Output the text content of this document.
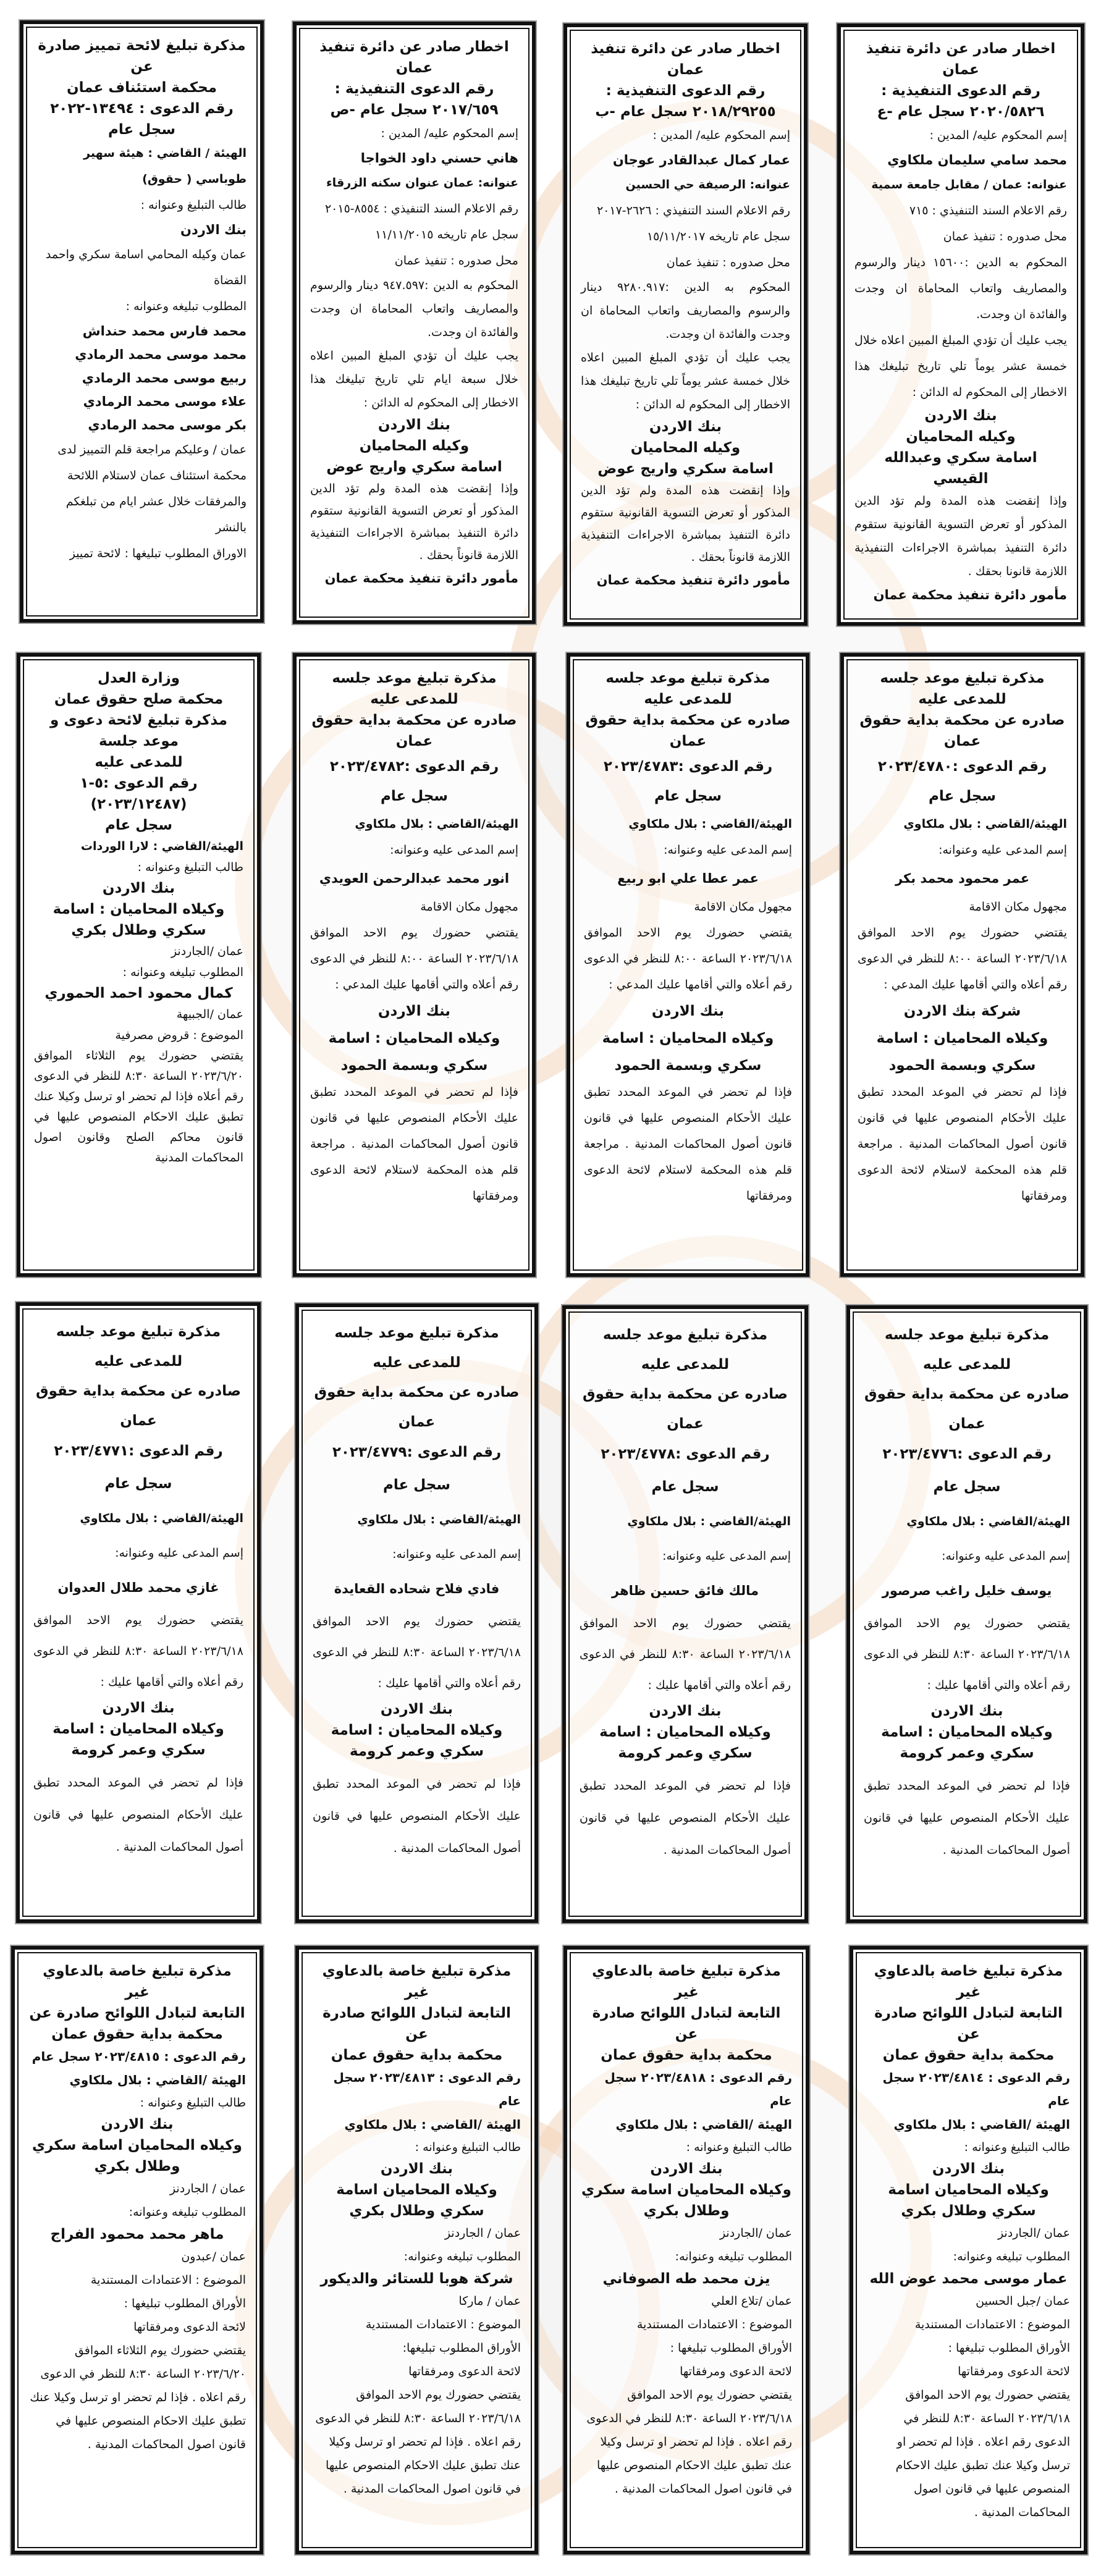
اخطار صادر عن دائرة تنفيذ عمان
رقم الدعوى التنفيذية :
٢٠٢٠/٥٨٢٦ سجل عام -ع
إسم المحكوم عليه/ المدين :
محمد سامي سليمان ملكاوي
عنوانه: عمان / مقابل جامعة سمية
رقم الاعلام السند التنفيذي : ٧١٥
محل صدوره : تنفيذ عمان
المحكوم به الدين :١٥٦٠٠ دينار والرسوم والمصاريف واتعاب المحاماة ان وجدت والفائدة ان وجدت.
يجب عليك أن تؤدي المبلغ المبين اعلاه خلال خمسة عشر يوماً تلي تاريخ تبليغك هذا الاخطار إلى المحكوم له الدائن :
بنك الاردن
وكيله المحاميان
اسامة سكري وعبدالله القيسي
وإذا إنقضت هذه المدة ولم تؤد الدين المذكور أو تعرض التسوية القانونية ستقوم دائرة التنفيذ بمباشرة الاجراءات التنفيذية اللازمة قانونا بحقك .
مأمور دائرة تنفيذ محكمة عمان
اخطار صادر عن دائرة تنفيذ عمان
رقم الدعوى التنفيذية :
٢٠١٨/٢٩٢٥٥ سجل عام -ب
إسم المحكوم عليه/ المدين :
عمار كمال عبدالقادر عوجان
عنوانه: الرصيفة حي الحسين
رقم الاعلام السند التنفيذي : ٢٦٢٦-٢٠١٧
سجل عام تاريخه ١٥/١١/٢٠١٧
محل صدوره : تنفيذ عمان
المحكوم به الدين :٩٢٨٠.٩١٧ دينار والرسوم والمصاريف واتعاب المحاماة ان وجدت والفائدة ان وجدت.
يجب عليك أن تؤدي المبلغ المبين اعلاه خلال خمسة عشر يوماً تلي تاريخ تبليغك هذا الاخطار إلى المحكوم له الدائن :
بنك الاردن
وكيله المحاميان
اسامة سكري واريج عوض
وإذا إنقضت هذه المدة ولم تؤد الدين المذكور أو تعرض التسوية القانونية ستقوم دائرة التنفيذ بمباشرة الاجراءات التنفيذية اللازمة قانوناً بحقك .
مأمور دائرة تنفيذ محكمة عمان
اخطار صادر عن دائرة تنفيذ عمان
رقم الدعوى التنفيذية :
٢٠١٧/٦٥٩ سجل عام -ص
إسم المحكوم عليه/ المدين :
هاني حسني داود الخواجا
عنوانه: عمان عنوان سكنه الزرقاء
رقم الاعلام السند التنفيذي : ٨٥٥٤-٢٠١٥
سجل عام تاريخه ١١/١١/٢٠١٥
محل صدوره : تنفيذ عمان
المحكوم به الدين :٩٤٧.٥٩٧ دينار والرسوم والمصاريف واتعاب المحاماة ان وجدت والفائدة ان وجدت.
يجب عليك أن تؤدي المبلغ المبين اعلاه خلال سبعة ايام تلي تاريخ تبليغك هذا الاخطار إلى المحكوم له الدائن :
بنك الاردن
وكيله المحاميان
اسامة سكري واريج عوض
وإذا إنقضت هذه المدة ولم تؤد الدين المذكور أو تعرض التسوية القانونية ستقوم دائرة التنفيذ بمباشرة الاجراءات التنفيذية اللازمة قانوناً بحقك .
مأمور دائرة تنفيذ محكمة عمان
مذكرة تبليغ لائحة تمييز صادرة عن
محكمة استئناف عمان
رقم الدعوى : ١٣٤٩٤-٢٠٢٢
سجل عام
الهيئة / القاضي : هيئة سهير طوباسي ( حقوق)
طالب التبليغ وعنوانه :
بنك الاردن
عمان وكيله المحامي اسامة سكري واحمد القضاة
المطلوب تبليغه وعنوانه :
محمد فارس محمد حنداش
محمد موسى محمد الرمادي
ربيع موسى محمد الرمادي
علاء موسى محمد الرمادي
بكر موسى محمد الرمادي
عمان / وعليكم مراجعة قلم التمييز لدى محكمة استئناف عمان لاستلام اللائحة والمرفقات خلال عشر ايام من تبلغكم بالنشر
الاوراق المطلوب تبليغها : لائحة تمييز
مذكرة تبليغ موعد جلسه للمدعى عليه
صادره عن محكمة بداية حقوق عمان
رقم الدعوى :٢٠٢٣/٤٧٨٠
سجل عام
الهيئة/القاضي : بلال ملكاوي
إسم المدعى عليه وعنوانه:
عمر محمود محمد بكر
مجهول مكان الاقامة
يقتضي حضورك يوم الاحد الموافق ٢٠٢٣/٦/١٨ الساعة ٨:٠٠ للنظر في الدعوى رقم أعلاه والتي أقامها عليك المدعي :
شركة بنك الاردن
وكيلاه المحاميان : اسامة سكري وبسمة الحمود
فإذا لم تحضر في الموعد المحدد تطبق عليك الأحكام المنصوص عليها في قانون قانون أصول المحاكمات المدنية . مراجعة قلم هذه المحكمة لاستلام لائحة الدعوى ومرفقاتها
مذكرة تبليغ موعد جلسه للمدعى عليه
صادره عن محكمة بداية حقوق عمان
رقم الدعوى :٢٠٢٣/٤٧٨٣
سجل عام
الهيئة/القاضي : بلال ملكاوي
إسم المدعى عليه وعنوانه:
عمر عطا علي ابو ربيع
مجهول مكان الاقامة
يقتضي حضورك يوم الاحد الموافق ٢٠٢٣/٦/١٨ الساعة ٨:٠٠ للنظر في الدعوى رقم أعلاه والتي أقامها عليك المدعي :
بنك الاردن
وكيلاه المحاميان : اسامة سكري وبسمة الحمود
فإذا لم تحضر في الموعد المحدد تطبق عليك الأحكام المنصوص عليها في قانون قانون أصول المحاكمات المدنية . مراجعة قلم هذه المحكمة لاستلام لائحة الدعوى ومرفقاتها
مذكرة تبليغ موعد جلسه للمدعى عليه
صادره عن محكمة بداية حقوق عمان
رقم الدعوى :٢٠٢٣/٤٧٨٢
سجل عام
الهيئة/القاضي : بلال ملكاوي
إسم المدعى عليه وعنوانه:
انور محمد عبدالرحمن العويدي
مجهول مكان الاقامة
يقتضي حضورك يوم الاحد الموافق ٢٠٢٣/٦/١٨ الساعة ٨:٠٠ للنظر في الدعوى رقم أعلاه والتي أقامها عليك المدعي :
بنك الاردن
وكيلاه المحاميان : اسامة سكري وبسمة الحمود
فإذا لم تحضر في الموعد المحدد تطبق عليك الأحكام المنصوص عليها في قانون قانون أصول المحاكمات المدنية . مراجعة قلم هذه المحكمة لاستلام لائحة الدعوى ومرفقاتها
وزارة العدل
محكمة صلح حقوق عمان
مذكرة تبليغ لائحة دعوى و موعد جلسة
للمدعى عليه
رقم الدعوى :٥-١ (٢٠٢٣/١٢٤٨٧)
سجل عام
الهيئة/القاضي : لارا الوردات
طالب التبليغ وعنوانه :
بنك الاردن
وكيلاه المحاميان : اسامة سكري وطلال بكري
عمان /الجاردنز
المطلوب تبليغه وعنوانه :
كمال محمود احمد الحموري
عمان /الجبيهة
الموضوع : قروض مصرفية
يقتضي حضورك يوم الثلاثاء الموافق ٢٠٢٣/٦/٢٠ الساعة ٨:٣٠ للنظر في الدعوى رقم أعلاه فإذا لم تحضر او ترسل وكيلا عنك تطبق عليك الاحكام المنصوص عليها في قانون محاكم الصلح وقانون اصول المحاكمات المدنية
مذكرة تبليغ موعد جلسه للمدعى عليه
صادره عن محكمة بداية حقوق عمان
رقم الدعوى :٢٠٢٣/٤٧٧٦
سجل عام
الهيئة/القاضي : بلال ملكاوي
إسم المدعى عليه وعنوانه:
يوسف خليل راغب صرصور
يقتضي حضورك يوم الاحد الموافق ٢٠٢٣/٦/١٨ الساعة ٨:٣٠ للنظر في الدعوى رقم أعلاه والتي أقامها عليك :
بنك الاردن
وكيلاه المحاميان : اسامة سكري وعمر كرومة
فإذا لم تحضر في الموعد المحدد تطبق عليك الأحكام المنصوص عليها في قانون أصول المحاكمات المدنية .
مذكرة تبليغ موعد جلسه للمدعى عليه
صادره عن محكمة بداية حقوق عمان
رقم الدعوى :٢٠٢٣/٤٧٧٨
سجل عام
الهيئة/القاضي : بلال ملكاوي
إسم المدعى عليه وعنوانه:
مالك فائق حسين ظاهر
يقتضي حضورك يوم الاحد الموافق ٢٠٢٣/٦/١٨ الساعة ٨:٣٠ للنظر في الدعوى رقم أعلاه والتي أقامها عليك :
بنك الاردن
وكيلاه المحاميان : اسامة سكري وعمر كرومة
فإذا لم تحضر في الموعد المحدد تطبق عليك الأحكام المنصوص عليها في قانون أصول المحاكمات المدنية .
مذكرة تبليغ موعد جلسه للمدعى عليه
صادره عن محكمة بداية حقوق عمان
رقم الدعوى :٢٠٢٣/٤٧٧٩
سجل عام
الهيئة/القاضي : بلال ملكاوي
إسم المدعى عليه وعنوانه:
فادي فلاح شحاده القعايدة
يقتضي حضورك يوم الاحد الموافق ٢٠٢٣/٦/١٨ الساعة ٨:٣٠ للنظر في الدعوى رقم أعلاه والتي أقامها عليك :
بنك الاردن
وكيلاه المحاميان : اسامة سكري وعمر كرومة
فإذا لم تحضر في الموعد المحدد تطبق عليك الأحكام المنصوص عليها في قانون أصول المحاكمات المدنية .
مذكرة تبليغ موعد جلسه للمدعى عليه
صادره عن محكمة بداية حقوق عمان
رقم الدعوى :٢٠٢٣/٤٧٧١
سجل عام
الهيئة/القاضي : بلال ملكاوي
إسم المدعى عليه وعنوانه:
غازي محمد طلال العدوان
يقتضي حضورك يوم الاحد الموافق ٢٠٢٣/٦/١٨ الساعة ٨:٣٠ للنظر في الدعوى رقم أعلاه والتي أقامها عليك :
بنك الاردن
وكيلاه المحاميان : اسامة سكري وعمر كرومة
فإذا لم تحضر في الموعد المحدد تطبق عليك الأحكام المنصوص عليها في قانون أصول المحاكمات المدنية .
مذكرة تبليغ خاصة بالدعاوي غير
التابعة لتبادل اللوائح صادرة عن
محكمة بداية حقوق عمان
رقم الدعوى : ٢٠٢٣/٤٨١٤ سجل عام
الهيئة /القاضي : بلال ملكاوي
طالب التبليغ وعنوانه :
بنك الاردن
وكيلاه المحاميان اسامة سكري وطلال بكري
عمان /الجاردنز
المطلوب تبليغه وعنوانه:
عمار موسى محمد عوض الله
عمان /جبل الحسين
الموضوع : الاعتمادات المستندية
الأوراق المطلوب تبليغها :
لائحة الدعوى ومرفقاتها
يقتضي حضورك يوم الاحد الموافق ٢٠٢٣/٦/١٨ الساعة ٨:٣٠ للنظر في الدعوى رقم اعلاه . فإذا لم تحضر او ترسل وكيلا عنك تطبق عليك الاحكام المنصوص عليها في قانون اصول المحاكمات المدنية .
مذكرة تبليغ خاصة بالدعاوي غير
التابعة لتبادل اللوائح صادرة عن
محكمة بداية حقوق عمان
رقم الدعوى : ٢٠٢٣/٤٨١٨ سجل عام
الهيئة /القاضي : بلال ملكاوي
طالب التبليغ وعنوانه :
بنك الاردن
وكيلاه المحاميان اسامة سكري وطلال بكري
عمان /الجاردنز
المطلوب تبليغه وعنوانه:
يزن محمد طه الصوفاني
عمان /تلاع العلي
الموضوع : الاعتمادات المستندية
الأوراق المطلوب تبليغها :
لائحة الدعوى ومرفقاتها
يقتضي حضورك يوم الاحد الموافق ٢٠٢٣/٦/١٨ الساعة ٨:٣٠ للنظر في الدعوى رقم اعلاه . فإذا لم تحضر او ترسل وكيلا عنك تطبق عليك الاحكام المنصوص عليها في قانون اصول المحاكمات المدنية .
مذكرة تبليغ خاصة بالدعاوي غير
التابعة لتبادل اللوائح صادرة عن
محكمة بداية حقوق عمان
رقم الدعوى : ٢٠٢٣/٤٨١٣ سجل عام
الهيئة /القاضي : بلال ملكاوي
طالب التبليغ وعنوانه :
بنك الاردن
وكيلاه المحاميان اسامة سكري وطلال بكري
عمان / الجاردنز
المطلوب تبليغه وعنوانه:
شركة هوبا للستائر والديكور
عمان / ماركا
الموضوع : الاعتمادات المستندية
الأوراق المطلوب تبليغها:
لائحة الدعوى ومرفقاتها
يقتضي حضورك يوم الاحد الموافق ٢٠٢٣/٦/١٨ الساعة ٨:٣٠ للنظر في الدعوى رقم اعلاه . فإذا لم تحضر او ترسل وكيلا عنك تطبق عليك الاحكام المنصوص عليها في قانون اصول المحاكمات المدنية .
مذكرة تبليغ خاصة بالدعاوي غير
التابعة لتبادل اللوائح صادرة عن
محكمة بداية حقوق عمان
رقم الدعوى : ٢٠٢٣/٤٨١٥ سجل عام
الهيئة /القاضي : بلال ملكاوي
طالب التبليغ وعنوانه :
بنك الاردن
وكيلاه المحاميان اسامة سكري وطلال بكري
عمان / الجاردنز
المطلوب تبليغه وعنوانه:
ماهر محمد محمود الفراج
عمان /عبدون
الموضوع : الاعتمادات المستندية
الأوراق المطلوب تبليغها :
لائحة الدعوى ومرفقاتها
يقتضي حضورك يوم الثلاثاء الموافق ٢٠٢٣/٦/٢٠ الساعة ٨:٣٠ للنظر في الدعوى رقم اعلاه . فإذا لم تحضر او ترسل وكيلا عنك تطبق عليك الاحكام المنصوص عليها في قانون اصول المحاكمات المدنية .
